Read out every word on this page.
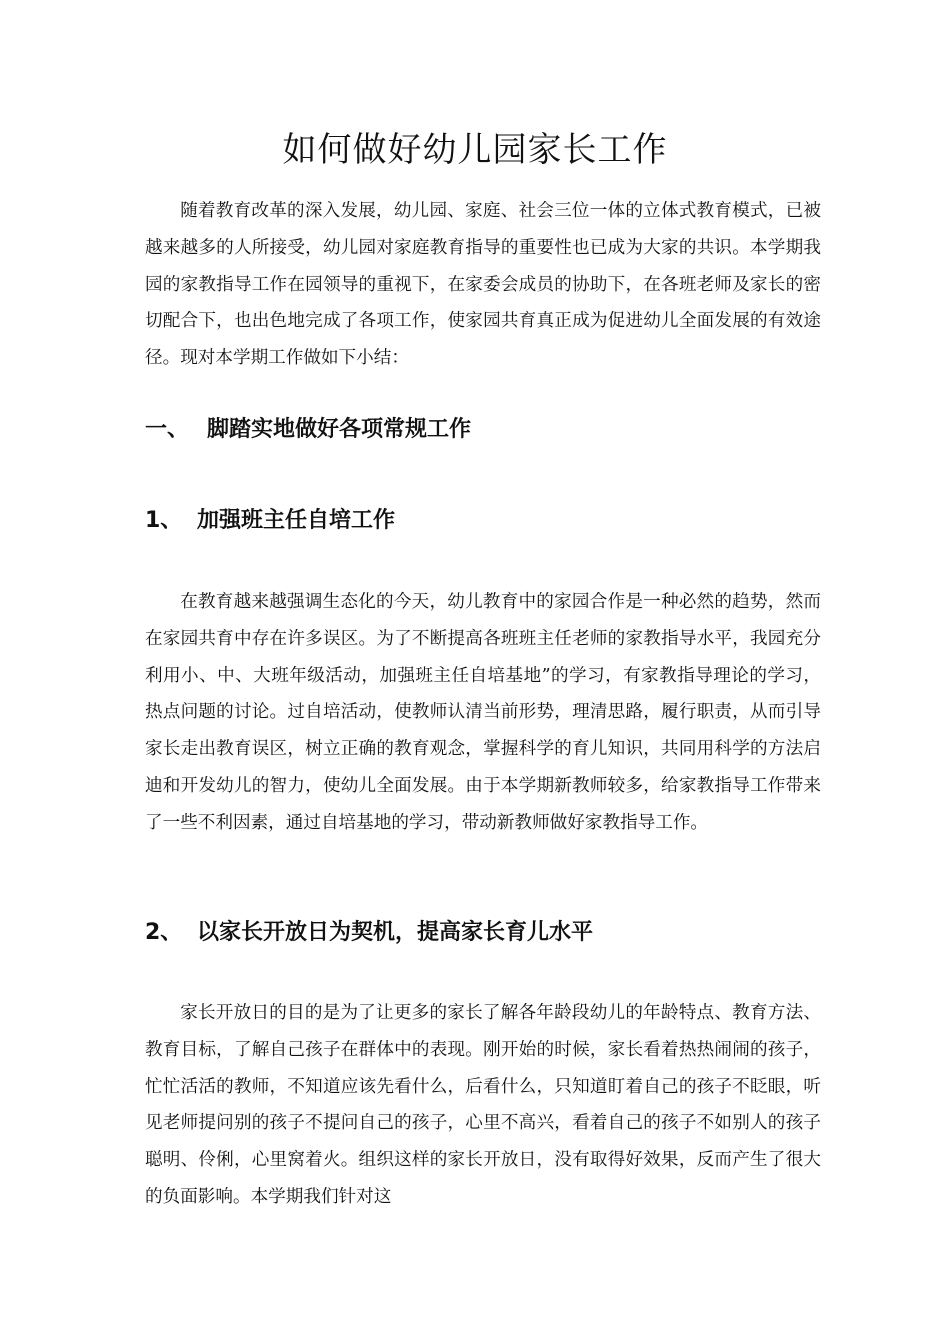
如何做好幼儿园家长工作

随着教育改革的深入发展，幼儿园、家庭、社会三位一体的立体式教育模式，已被越来越多的人所接受，幼儿园对家庭教育指导的重要性也已成为大家的共识。本学期我园的家教指导工作在园领导的重视下，在家委会成员的协助下，在各班老师及家长的密切配合下，也出色地完成了各项工作，使家园共育真正成为促进幼儿全面发展的有效途径。现对本学期工作做如下小结：

一、 脚踏实地做好各项常规工作
1、 加强班主任自培工作

在教育越来越强调生态化的今天，幼儿教育中的家园合作是一种必然的趋势，然而在家园共育中存在许多误区。为了不断提高各班班主任老师的家教指导水平，我园充分利用小、中、大班年级活动，加强班主任自培基地”的学习，有家教指导理论的学习，热点问题的讨论。过自培活动，使教师认清当前形势，理清思路，履行职责，从而引导家长走出教育误区，树立正确的教育观念，掌握科学的育儿知识，共同用科学的方法启迪和开发幼儿的智力，使幼儿全面发展。由于本学期新教师较多，给家教指导工作带来了一些不利因素，通过自培基地的学习，带动新教师做好家教指导工作。

2、 以家长开放日为契机，提高家长育儿水平

家长开放日的目的是为了让更多的家长了解各年龄段幼儿的年龄特点、教育方法、教育目标，了解自己孩子在群体中的表现。刚开始的时候，家长看着热热闹闹的孩子，忙忙活活的教师，不知道应该先看什么，后看什么，只知道盯着自己的孩子不眨眼，听见老师提问别的孩子不提问自己的孩子，心里不高兴，看着自己的孩子不如别人的孩子聪明、伶俐，心里窝着火。组织这样的家长开放日，没有取得好效果，反而产生了很大的负面影响。本学期我们针对这
